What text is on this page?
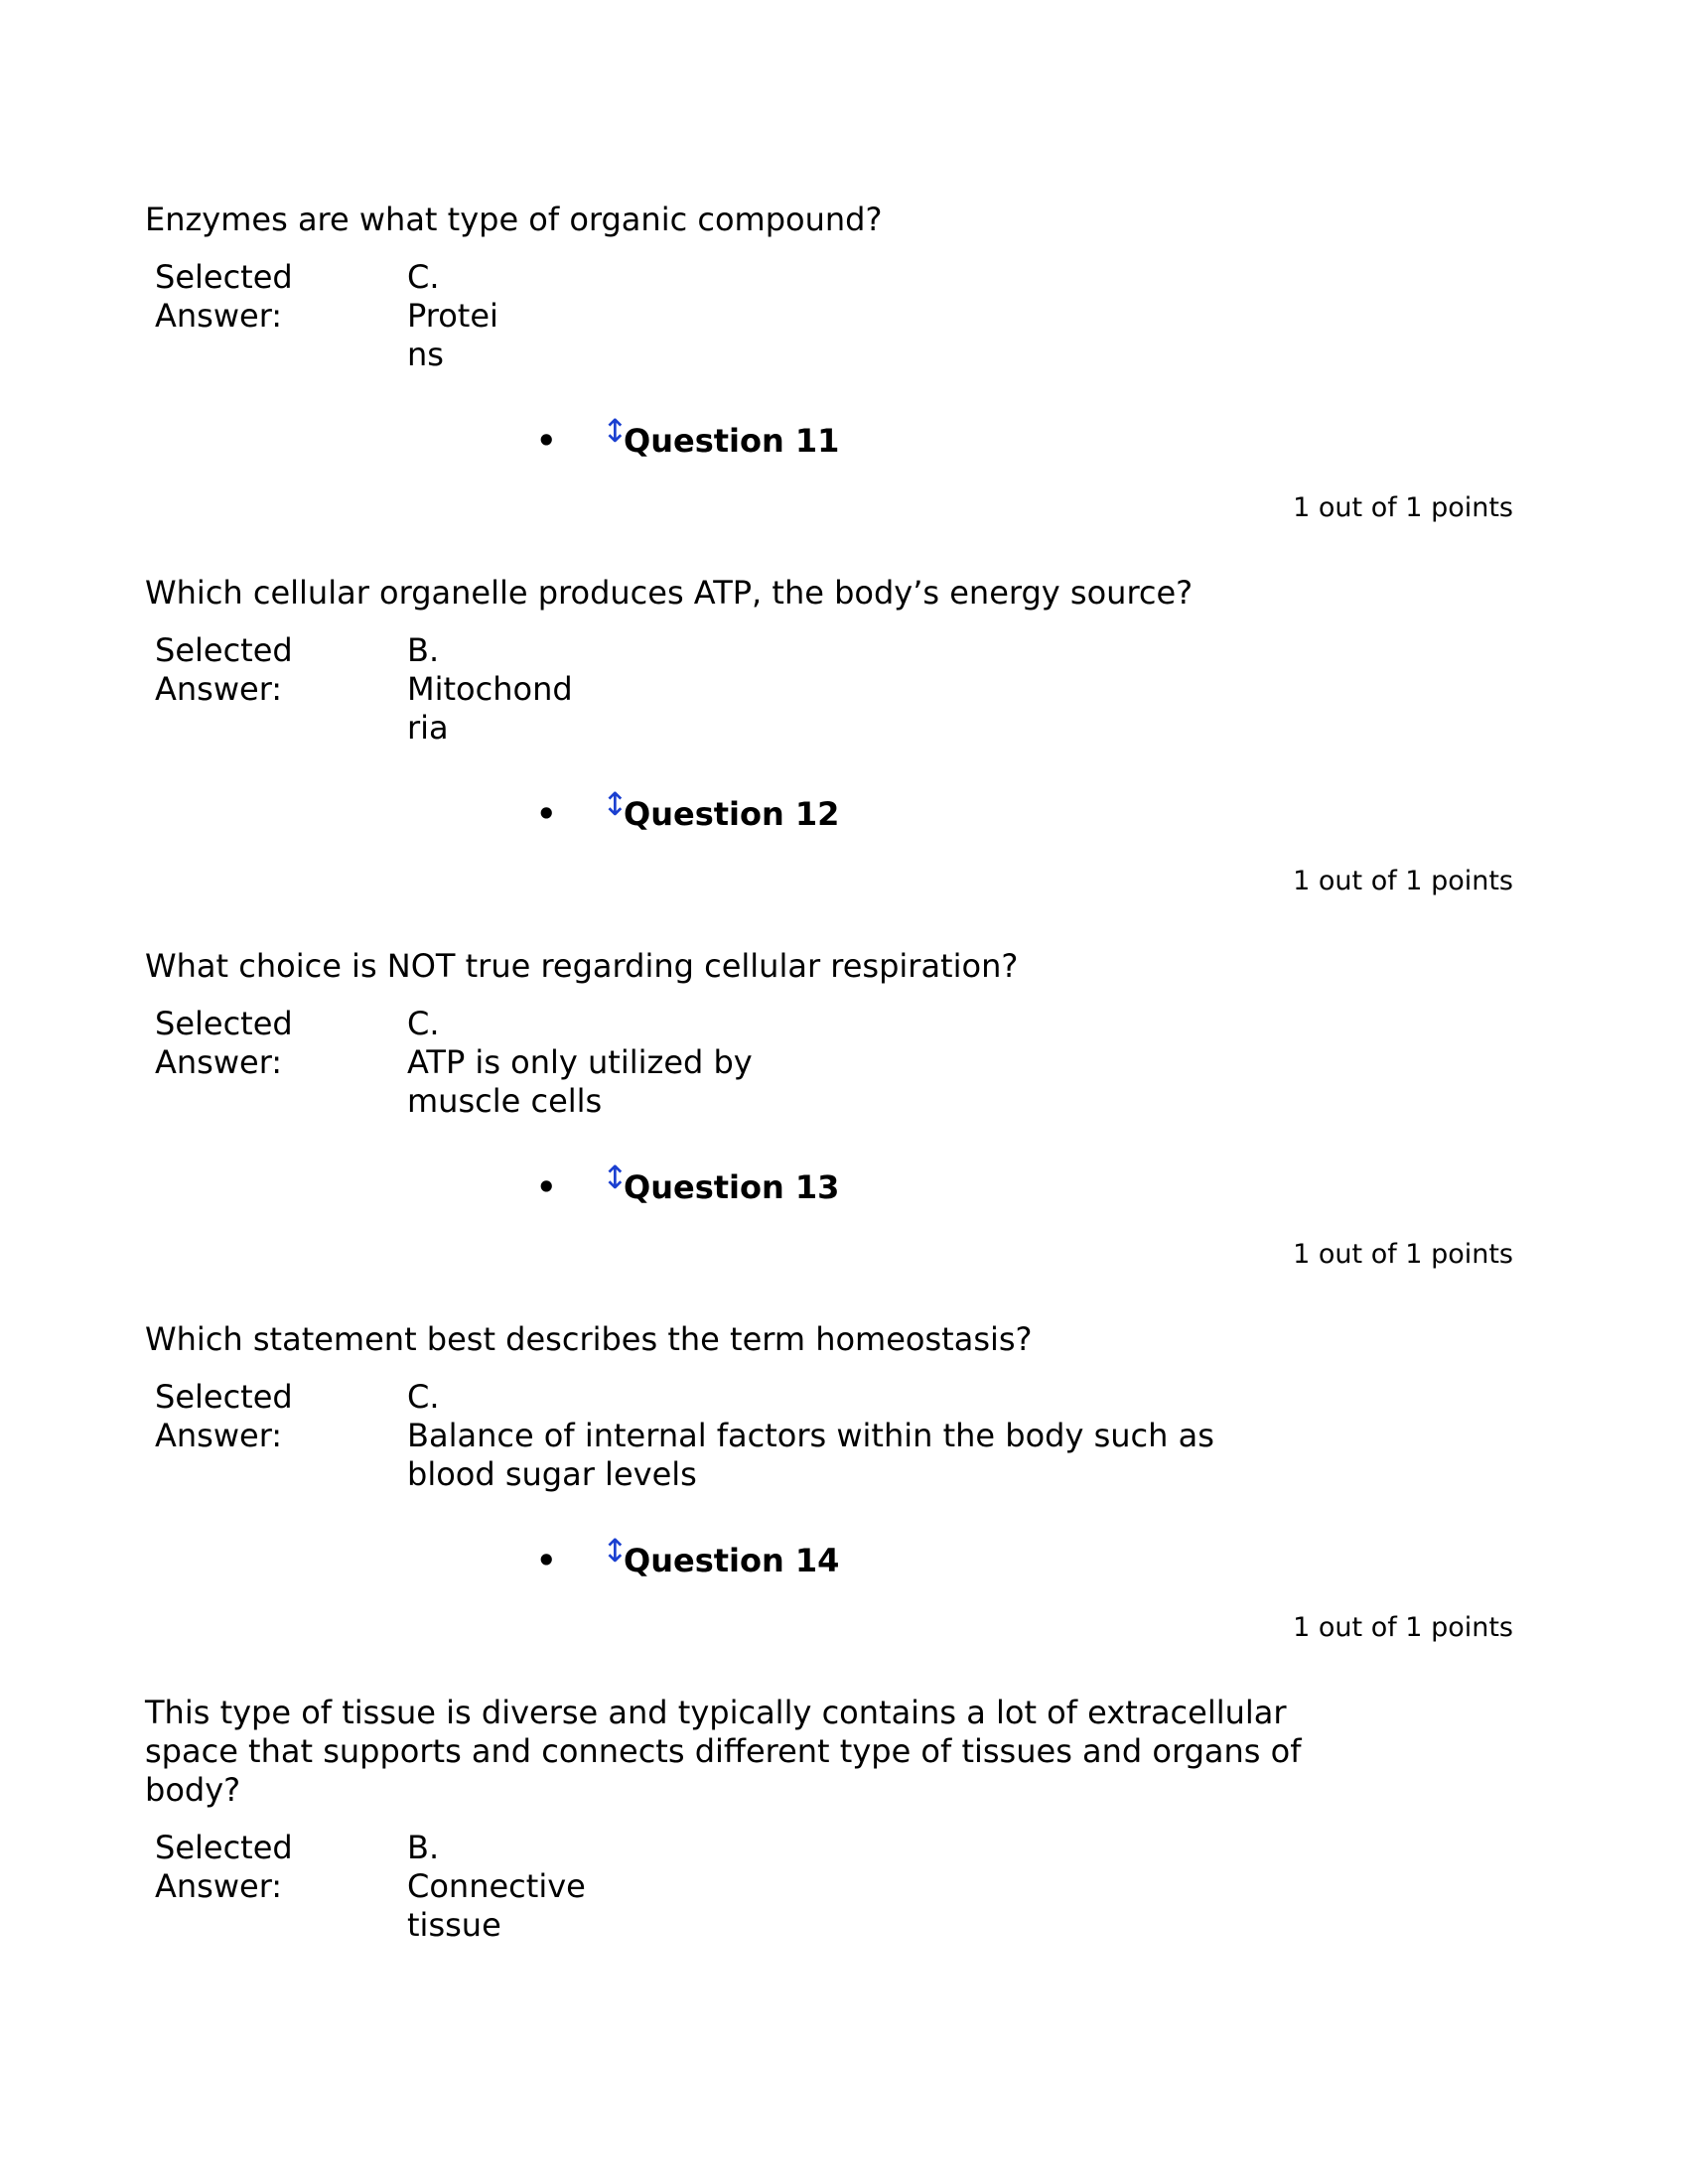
Enzymes are what type of organic compound?

Selected
Answer:
C.
Protei
ns
• ↕
Question 11
1 out of 1 points

Which cellular organelle produces ATP, the body’s energy source?

Selected
Answer:
B.
Mitochond
ria
• ↕
Question 12
1 out of 1 points

What choice is NOT true regarding cellular respiration?

Selected
Answer:
C.
ATP is only utilized by
muscle cells
• ↕
Question 13
1 out of 1 points

Which statement best describes the term homeostasis?

Selected
Answer:
C.
Balance of internal factors within the body such as
blood sugar levels
• ↕
Question 14
1 out of 1 points
This type of tissue is diverse and typically contains a lot of extracellular
space that supports and connects different type of tissues and organs of
body?
Selected
Answer:
B.
Connective
tissue
